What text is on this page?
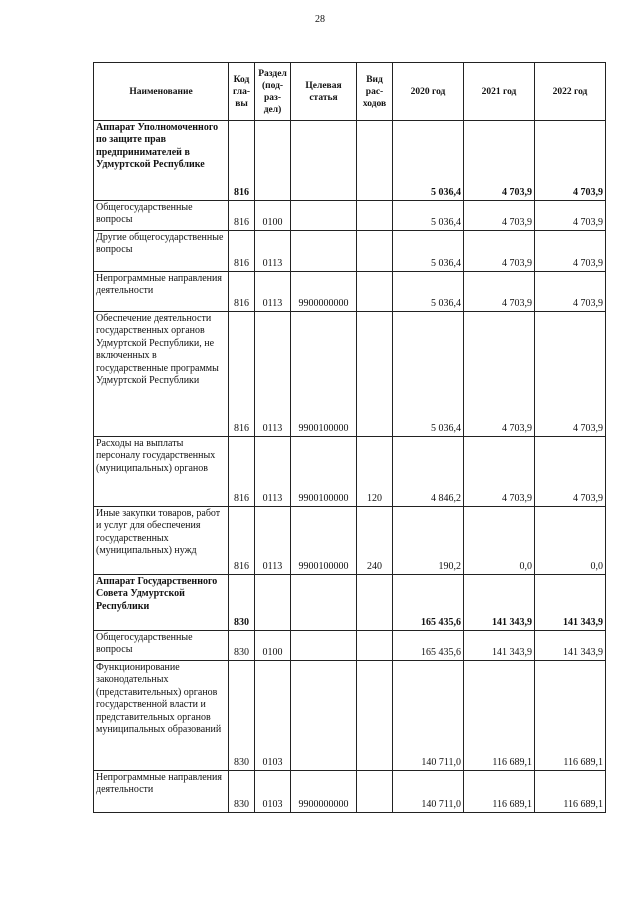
28
Наименование	Код гла- вы	Раздел (под- раз- дел)	Целевая статья	Вид рас- ходов	2020 год	2021 год	2022 год
Аппарат Уполномоченного по защите прав предпринимателей в Удмуртской Республике	816				5 036,4	4 703,9	4 703,9
Общегосударственные вопросы	816	0100			5 036,4	4 703,9	4 703,9
Другие общегосударственные вопросы	816	0113			5 036,4	4 703,9	4 703,9
Непрограммные направления деятельности	816	0113	9900000000		5 036,4	4 703,9	4 703,9
Обеспечение деятельности государственных органов Удмуртской Республики, не включенных в государственные программы Удмуртской Республики	816	0113	9900100000		5 036,4	4 703,9	4 703,9
Расходы на выплаты персоналу государственных (муниципальных) органов	816	0113	9900100000	120	4 846,2	4 703,9	4 703,9
Иные закупки товаров, работ и услуг для обеспечения государственных (муниципальных) нужд	816	0113	9900100000	240	190,2	0,0	0,0
Аппарат Государственного Совета Удмуртской Республики	830				165 435,6	141 343,9	141 343,9
Общегосударственные вопросы	830	0100			165 435,6	141 343,9	141 343,9
Функционирование законодательных (представительных) органов государственной власти и представительных органов муниципальных образований	830	0103			140 711,0	116 689,1	116 689,1
Непрограммные направления деятельности	830	0103	9900000000		140 711,0	116 689,1	116 689,1
